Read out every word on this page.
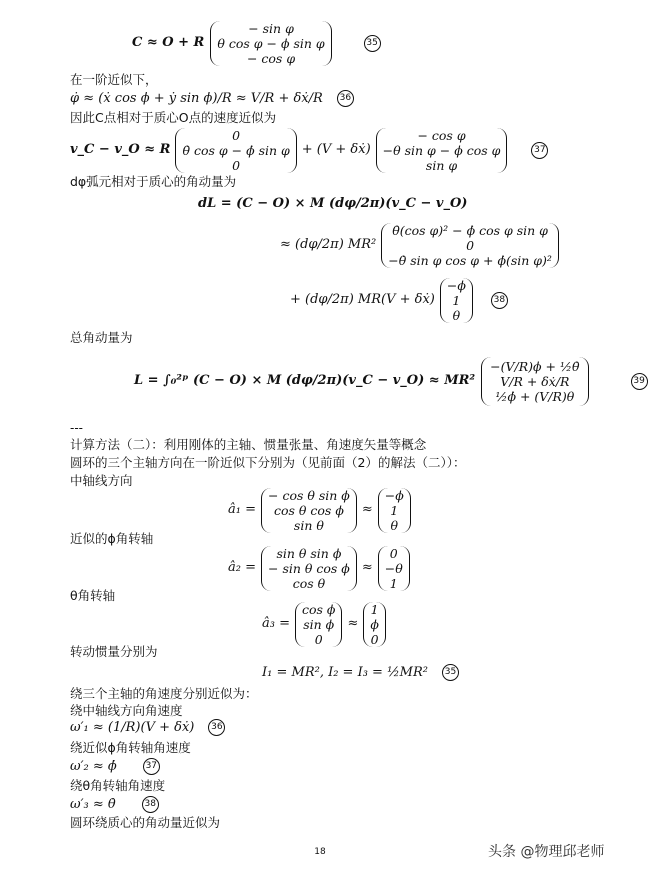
C ≈ O + R
− sin φ
θ cos φ − ϕ sin φ
− cos φ
35
在一阶近似下，
φ̇ ≈ (ẋ cos ϕ + ẏ sin ϕ)/R ≈ V/R + δẋ/R	36
因此C点相对于质心O点的速度近似为
v_C − v_O ≈ R
0
θ̇ cos φ − ϕ̇ sin φ
0
+ (V + δẋ)
− cos φ
−θ sin φ − ϕ cos φ
sin φ
37
dφ弧元相对于质心的角动量为
dL = (C − O) × M (dφ/2π)(v_C − v_O)
≈ (dφ/2π) MR²
θ̇(cos φ)² − ϕ̇ cos φ sin φ
0
−θ̇ sin φ cos φ + ϕ̇(sin φ)²
+ (dφ/2π) MR(V + δẋ)
−ϕ
1
θ
38
总角动量为
L = ∫₀²ᵖ (C − O) × M (dφ/2π)(v_C − v_O) ≈ MR²
−(V/R)ϕ + ½θ̇
V/R + δẋ/R
½ϕ̇ + (V/R)θ
39
---
计算方法（二）：利用刚体的主轴、惯量张量、角速度矢量等概念
圆环的三个主轴方向在一阶近似下分别为（见前面（2）的解法（二））：
中轴线方向
â₁ =
− cos θ sin ϕ
cos θ cos ϕ
sin θ
≈
−ϕ
1
θ
近似的ϕ角转轴
â₂ =
sin θ sin ϕ
− sin θ cos ϕ
cos θ
≈
0
−θ
1
θ角转轴
â₃ =
cos ϕ
sin ϕ
0
≈
1
ϕ
0
转动惯量分别为
I₁ = MR², I₂ = I₃ = ½MR²	35
绕三个主轴的角速度分别近似为：
绕中轴线方向角速度
ω′₁ ≈ (1/R)(V + δẋ)	36
绕近似ϕ角转轴角速度
ω′₂ ≈ ϕ̇	37
绕θ角转轴角速度
ω′₃ ≈ θ̇	38
圆环绕质心的角动量近似为
18	头条 @物理邱老师
